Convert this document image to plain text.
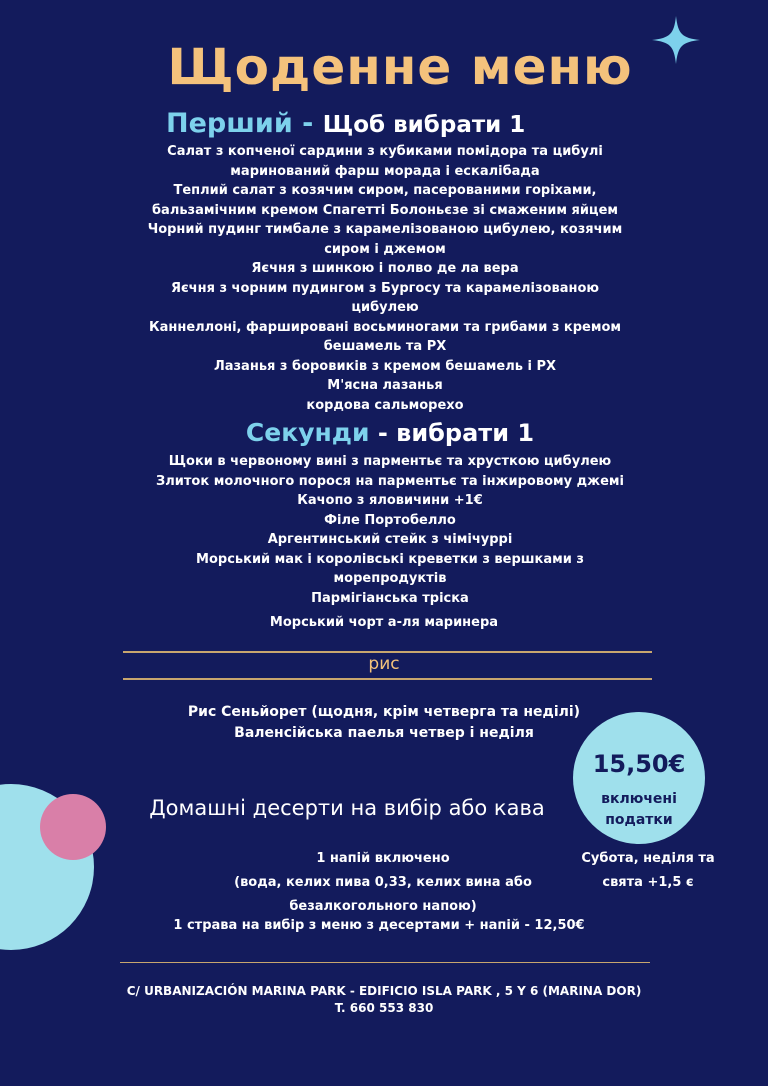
Щоденне меню
Перший - Щоб вибрати 1
Салат з копченої сардини з кубиками помідора та цибулі
маринований фарш морада і ескалібада
Теплий салат з козячим сиром, пасерованими горіхами,
бальзамічним кремом Спагетті Болоньєзе зі смаженим яйцем
Чорний пудинг тимбале з карамелізованою цибулею, козячим
сиром і джемом
Яєчня з шинкою і полво де ла вера
Яєчня з чорним пудингом з Бургосу та карамелізованою
цибулею
Каннеллоні, фаршировані восьминогами та грибами з кремом
бешамель та PX
Лазанья з боровиків з кремом бешамель і PX
М'ясна лазанья
кордова сальморехо
Секунди - вибрати 1
Щоки в червоному вині з парментьє та хрусткою цибулею
Злиток молочного порося на парментьє та інжировому джемі
Качопо з яловичини +1€
Філе Портобелло
Аргентинський стейк з чімічуррі
Морський мак і королівські креветки з вершками з
морепродуктів
Пармігіанська тріска
Морський чорт а-ля маринера
рис
Рис Сеньйорет (щодня, крім четверга та неділі)
Валенсійська паелья четвер і неділя
15,50€
включені податки
Домашні десерти на вибір або кава
1 напій включено
(вода, келих пива 0,33, келих вина або
безалкогольного напою)
Субота, неділя та
свята +1,5 є
1 страва на вибір з меню з десертами + напій - 12,50€
C/ URBANIZACIÓN MARINA PARK - EDIFICIO ISLA PARK , 5 Y 6 (MARINA DOR)
T. 660 553 830
